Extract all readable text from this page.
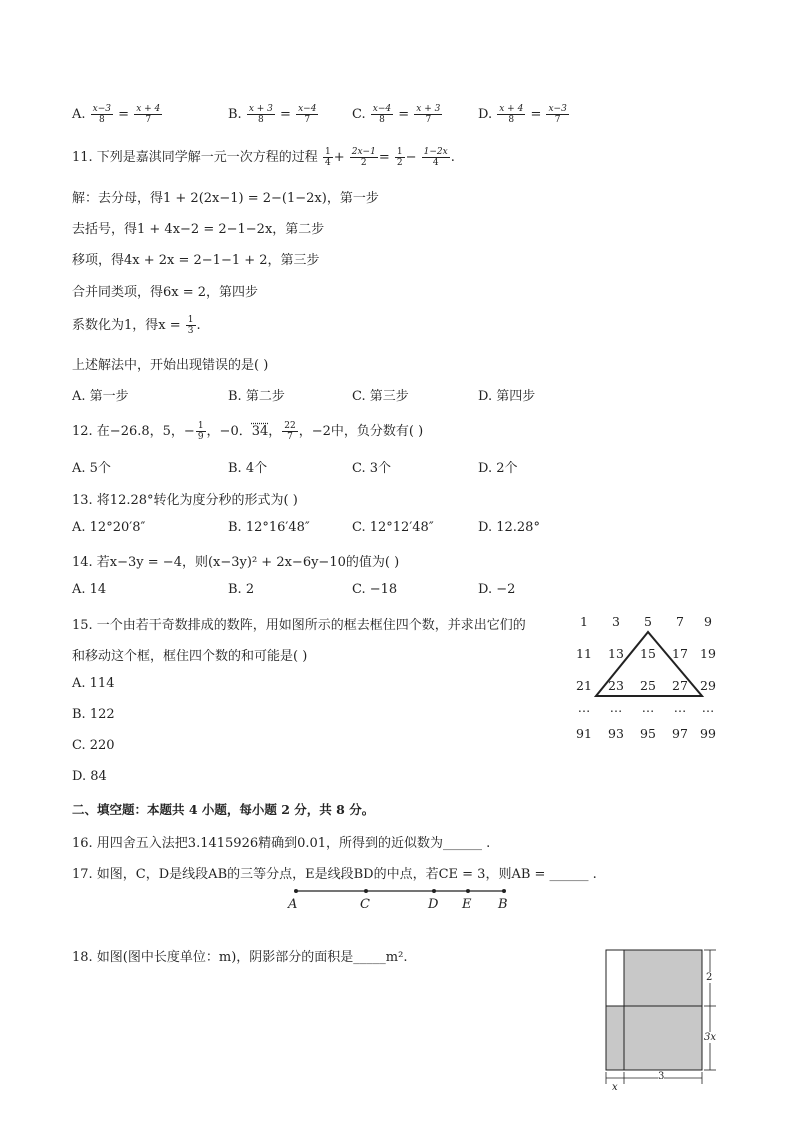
A. $\frac{x-3}{8} = \frac{x + 4}{7}$	B. $\frac{x + 3}{8} = \frac{x-4}{7}$	C. $\frac{x-4}{8} = \frac{x + 3}{7}$	D. $\frac{x + 4}{8} = \frac{x-3}{7}$
11. 下列是嘉淇同学解一元一次方程的过程 $\frac{1}{4} + \frac{2x-1}{2} = \frac{1}{2} - \frac{1-2x}{4}$ .
解：去分母，得1 + 2(2x−1) = 2−(1−2x)，第一步
去括号，得1 + 4x−2 = 2−1−2x，第二步
移项，得4x + 2x = 2−1−1 + 2，第三步
合并同类项，得6x = 2，第四步
系数化为1，得$x = \frac{1}{3}$ .
上述解法中，开始出现错误的是( )
A. 第一步	B. 第二步	C. 第三步	D. 第四步
12. 在−26.8，5，− $\frac{1}{9}$ ，−0．34， $\frac{22}{7}$ ，−2中，负分数有( )
A. 5个	B. 4个	C. 3个	D. 2个
13. 将12.28°转化为度分秒的形式为( )
A. 12°20′8″	B. 12°16′48″	C. 12°12′48″	D. 12.28°
14. 若x−3y = −4，则(x−3y)² + 2x−6y−10的值为( )
A. 14	B. 2	C. −18	D. −2
15. 一个由若干奇数排成的数阵，用如图所示的框去框住四个数，并求出它们的
和移动这个框，框住四个数的和可能是( )
A. 114
B. 122
C. 220
D. 84
1	3	5	7	9
11	13	15	17 19
21	23	25	27 29
…	…	…	…	…
91	93	95	97 99
二、填空题：本题共 4 小题，每小题 2 分，共 8 分。
16. 用四舍五入法把3.1415926精确到0.01，所得到的近似数为______ .
17. 如图，C，D是线段AB的三等分点，E是线段BD的中点，若CE = 3，则AB = ______ .
A	C	D E B
18. 如图(图中长度单位：m)，阴影部分的面积是_____m².
2
3x
x
3
